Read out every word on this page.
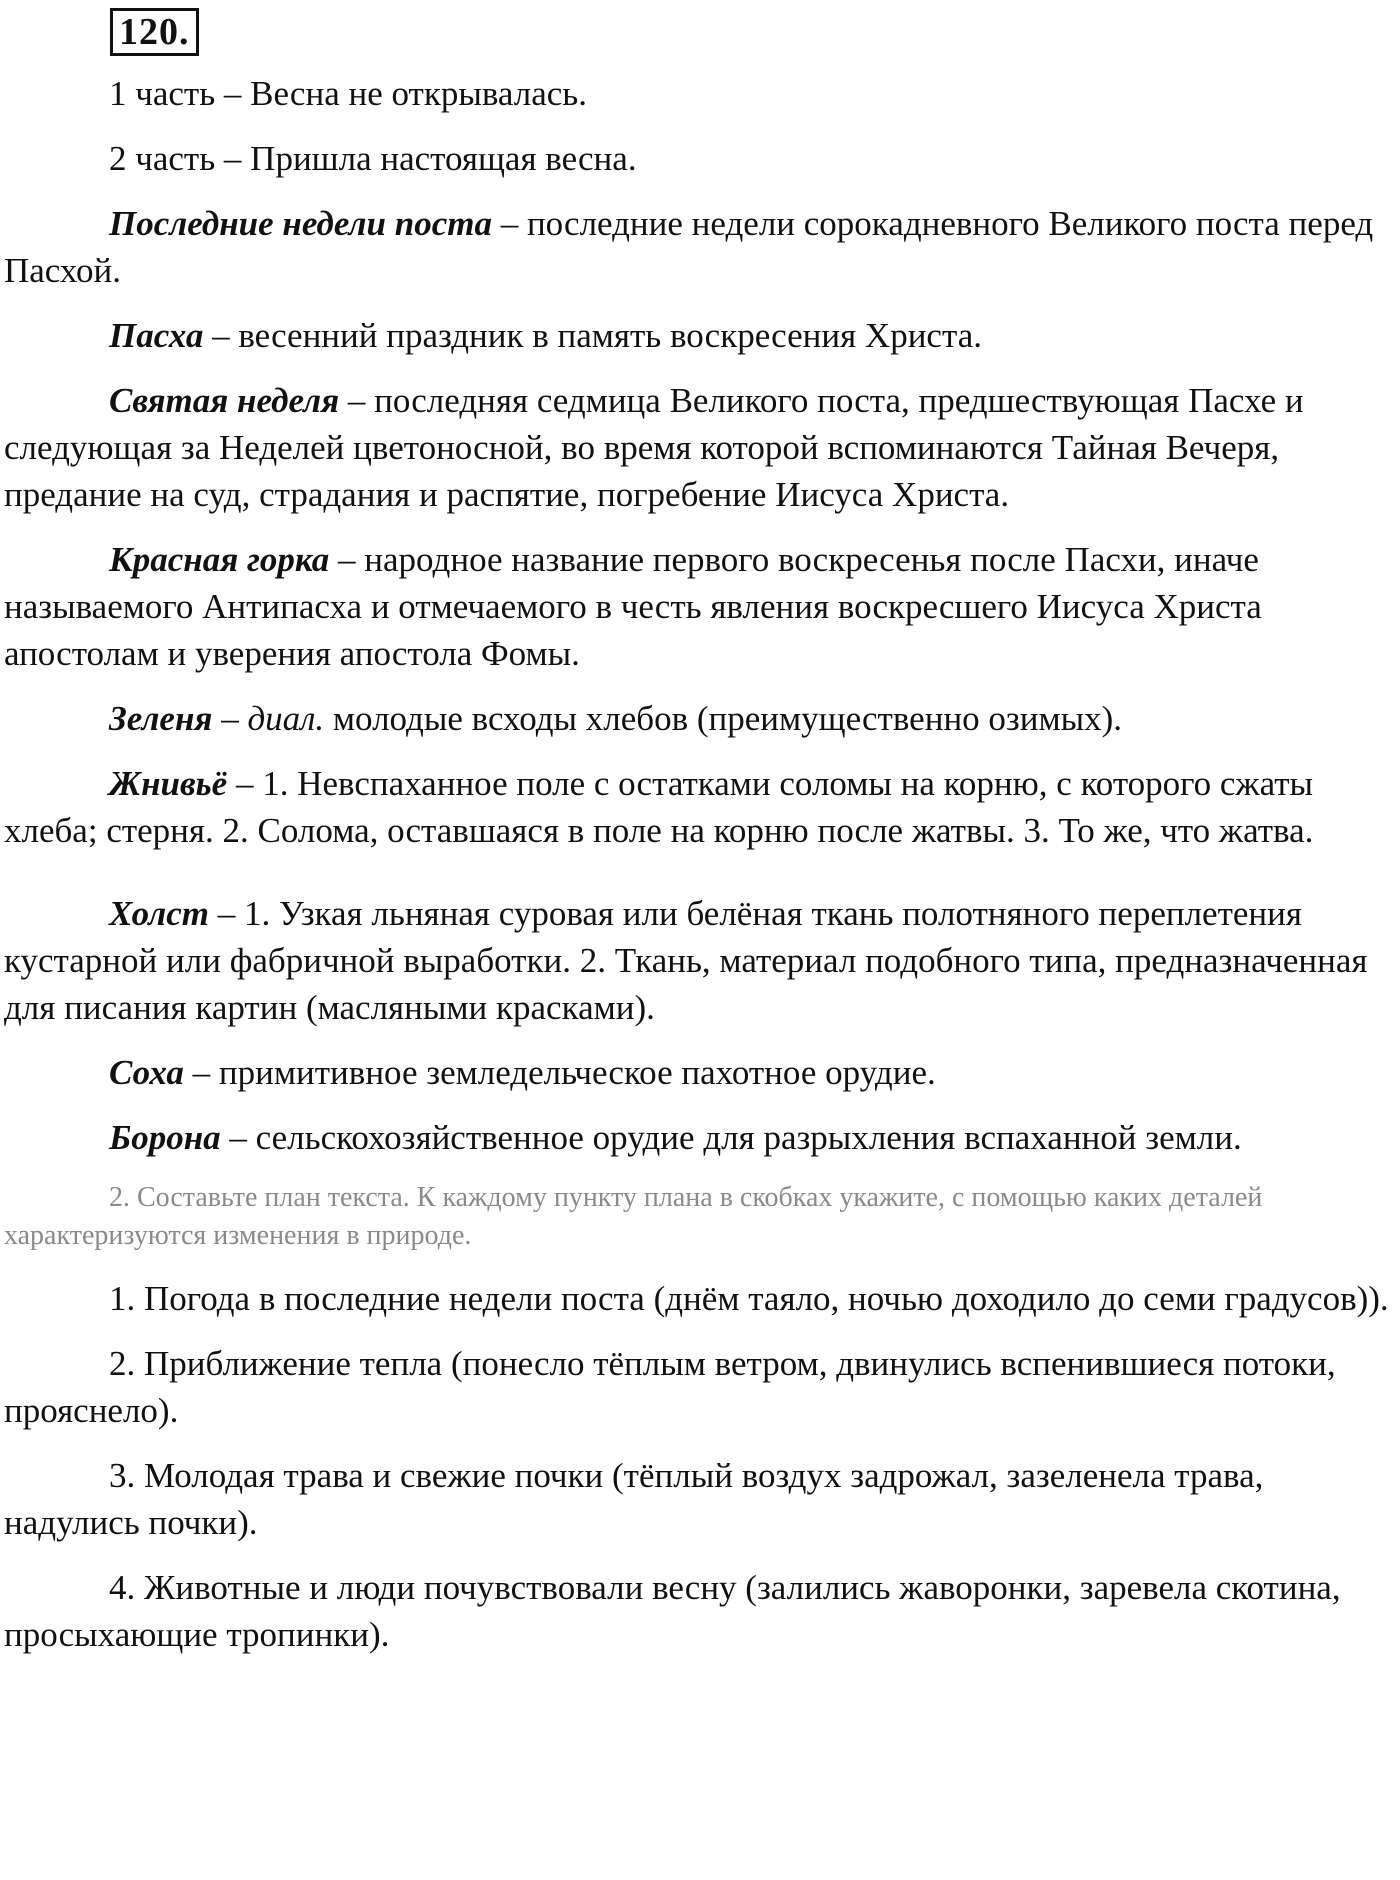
120.

1 часть – Весна не открывалась.

2 часть – Пришла настоящая весна.

Последние недели поста – последние недели сорокадневного Великого поста перед Пасхой.

Пасха – весенний праздник в память воскресения Христа.

Святая неделя – последняя седмица Великого поста, предшествующая Пасхе и следующая за Неделей цветоносной, во время которой вспоминаются Тайная Вечеря, предание на суд, страдания и распятие, погребение Иисуса Христа.

Красная горка – народное название первого воскресенья после Пасхи, иначе называемого Антипасха и отмечаемого в честь явления воскресшего Иисуса Христа апостолам и уверения апостола Фомы.

Зеленя – диал. молодые всходы хлебов (преимущественно озимых).

Жнивьё – 1. Невспаханное поле с остатками соломы на корню, с которого сжаты хлеба; стерня. 2. Солома, оставшаяся в поле на корню после жатвы. 3. То же, что жатва.

Холст – 1. Узкая льняная суровая или белёная ткань полотняного переплетения кустарной или фабричной выработки. 2. Ткань, материал подобного типа, предназначенная для писания картин (масляными красками).

Соха – примитивное земледельческое пахотное орудие.

Борона – сельскохозяйственное орудие для разрыхления вспаханной земли.

2. Составьте план текста. К каждому пункту плана в скобках укажите, с помощью каких деталей характеризуются изменения в природе.

1. Погода в последние недели поста (днём таяло, ночью доходило до семи градусов)).

2. Приближение тепла (понесло тёплым ветром, двинулись вспенившиеся потоки, прояснело).

3. Молодая трава и свежие почки (тёплый воздух задрожал, зазеленела трава, надулись почки).

4. Животные и люди почувствовали весну (залились жаворонки, заревела скотина, просыхающие тропинки).
